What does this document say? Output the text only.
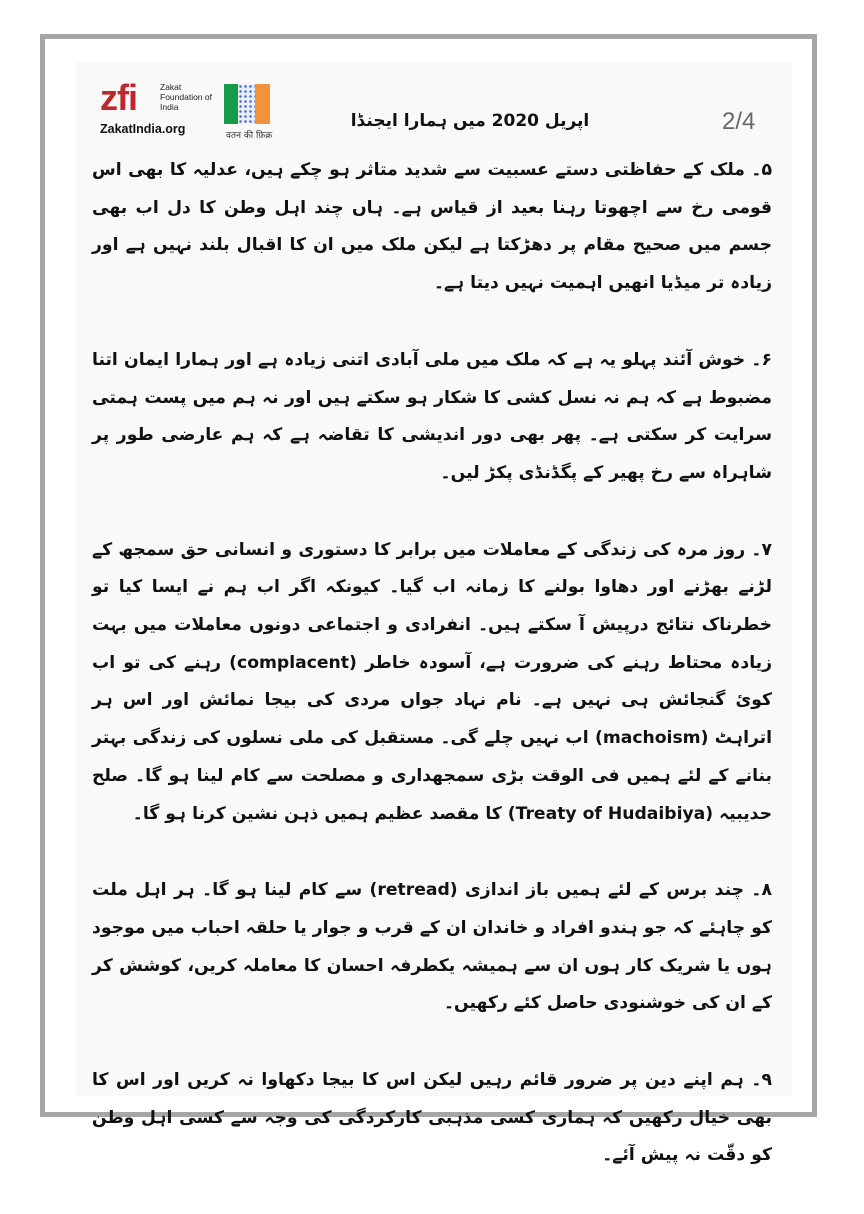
zfi	Zakat Foundation of India
ZakatIndia.org	वतन की फ़िक्र
اپریل 2020 میں ہمارا ایجنڈا	2/4

۵۔ ملک کے حفاظتی دستے عسبیت سے شدید متاثر ہو چکے ہیں، عدلیہ کا بھی اس قومی رخ سے اچھوتا رہنا بعید از قیاس ہے۔ ہاں چند اہل وطن کا دل اب بھی جسم میں صحیح مقام پر دھڑکتا ہے لیکن ملک میں ان کا اقبال بلند نہیں ہے اور زیادہ تر میڈیا انھیں اہمیت نہیں دیتا ہے۔

۶۔ خوش آئند پہلو یہ ہے کہ ملک میں ملی آبادی اتنی زیادہ ہے اور ہمارا ایمان اتنا مضبوط ہے کہ ہم نہ نسل کشی کا شکار ہو سکتے ہیں اور نہ ہم میں پست ہمتی سرایت کر سکتی ہے۔ پھر بھی دور اندیشی کا تقاضہ ہے کہ ہم عارضی طور پر شاہراہ سے رخ پھیر کے پگڈنڈی پکڑ لیں۔

۷۔ روز مرہ کی زندگی کے معاملات میں برابر کا دستوری و انسانی حق سمجھ کے لڑنے بھڑنے اور دھاوا بولنے کا زمانہ اب گیا۔ کیونکہ اگر اب ہم نے ایسا کیا تو خطرناک نتائج درپیش آ سکتے ہیں۔ انفرادی و اجتماعی دونوں معاملات میں بہت زیادہ محتاط رہنے کی ضرورت ہے، آسودہ خاطر (complacent) رہنے کی تو اب کوئ گنجائش ہی نہیں ہے۔ نام نہاد جواں مردی کی بیجا نمائش اور اس ہر اتراہٹ (machoism) اب نہیں چلے گی۔ مستقبل کی ملی نسلوں کی زندگی بہتر بنانے کے لئے ہمیں فی الوقت بڑی سمجھداری و مصلحت سے کام لینا ہو گا۔ صلح حدیبیہ (Treaty of Hudaibiya) کا مقصد عظیم ہمیں ذہن نشین کرنا ہو گا۔

۸۔ چند برس کے لئے ہمیں باز اندازی (retread) سے کام لینا ہو گا۔ ہر اہل ملت کو چاہئے کہ جو ہندو افراد و خاندان ان کے قرب و جوار یا حلقہ احباب میں موجود ہوں یا شریک کار ہوں ان سے ہمیشہ یکطرفہ احسان کا معاملہ کریں، کوشش کر کے ان کی خوشنودی حاصل کئے رکھیں۔

۹۔ ہم اپنے دین پر ضرور قائم رہیں لیکن اس کا بیجا دکھاوا نہ کریں اور اس کا بھی خیال رکھیں کہ ہماری کسی مذہبی کارکردگی کی وجہ سے کسی اہل وطن کو دقّت نہ پیش آئے۔
